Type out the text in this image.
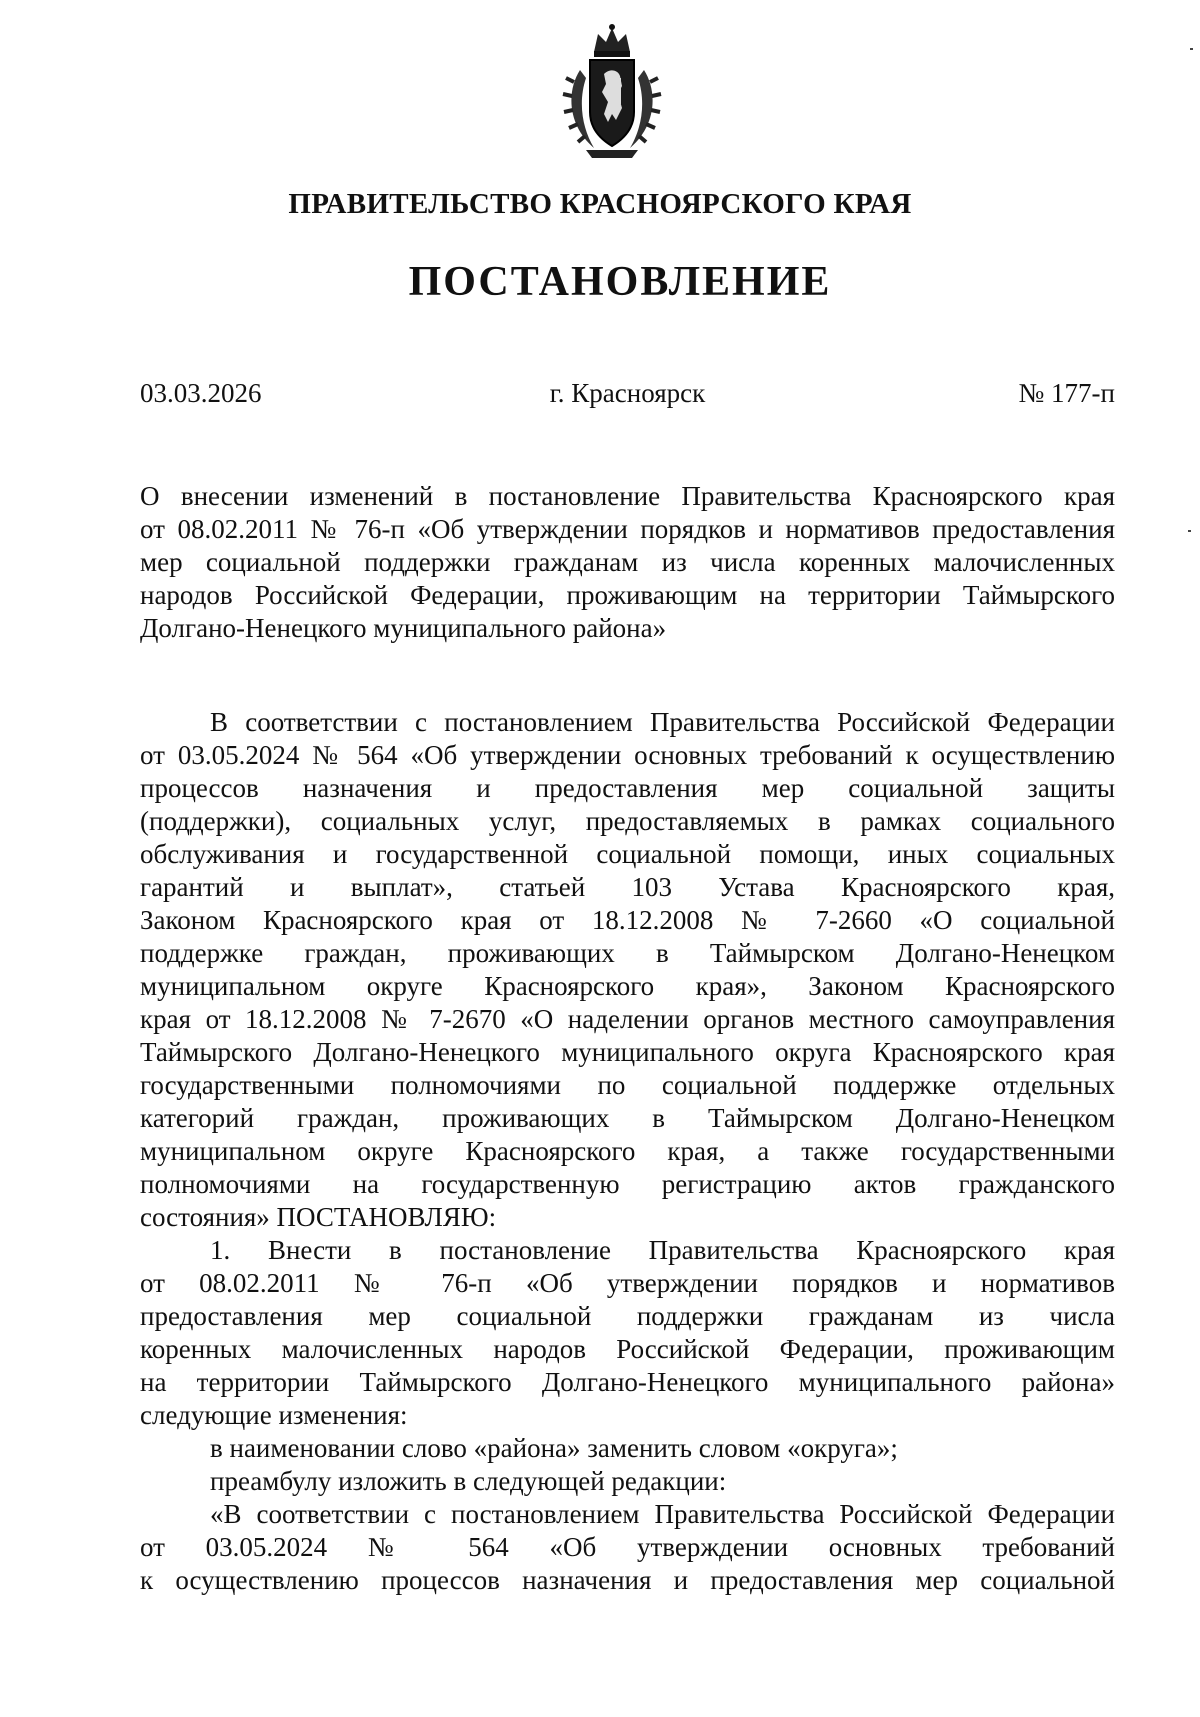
ПРАВИТЕЛЬСТВО КРАСНОЯРСКОГО КРАЯ
ПОСТАНОВЛЕНИЕ
03.03.2026	г. Красноярск	№ 177-п
О внесении изменений в постановление Правительства Красноярского края
от 08.02.2011 № 76-п «Об утверждении порядков и нормативов предоставления
мер социальной поддержки гражданам из числа коренных малочисленных
народов Российской Федерации, проживающим на территории Таймырского
Долгано-Ненецкого муниципального района»
В соответствии с постановлением Правительства Российской Федерации
от 03.05.2024 № 564 «Об утверждении основных требований к осуществлению
процессов назначения и предоставления мер социальной защиты
(поддержки), социальных услуг, предоставляемых в рамках социального
обслуживания и государственной социальной помощи, иных социальных
гарантий и выплат», статьей 103 Устава Красноярского края,
Законом Красноярского края от 18.12.2008 № 7-2660 «О социальной
поддержке граждан, проживающих в Таймырском Долгано-Ненецком
муниципальном округе Красноярского края», Законом Красноярского
края от 18.12.2008 № 7-2670 «О наделении органов местного самоуправления
Таймырского Долгано-Ненецкого муниципального округа Красноярского края
государственными полномочиями по социальной поддержке отдельных
категорий граждан, проживающих в Таймырском Долгано-Ненецком
муниципальном округе Красноярского края, а также государственными
полномочиями на государственную регистрацию актов гражданского
состояния» ПОСТАНОВЛЯЮ:
1. Внести в постановление Правительства Красноярского края
от 08.02.2011 № 76-п «Об утверждении порядков и нормативов
предоставления мер социальной поддержки гражданам из числа
коренных малочисленных народов Российской Федерации, проживающим
на территории Таймырского Долгано-Ненецкого муниципального района»
следующие изменения:
в наименовании слово «района» заменить словом «округа»;
преамбулу изложить в следующей редакции:
«В соответствии с постановлением Правительства Российской Федерации
от 03.05.2024 № 564 «Об утверждении основных требований
к осуществлению процессов назначения и предоставления мер социальной
